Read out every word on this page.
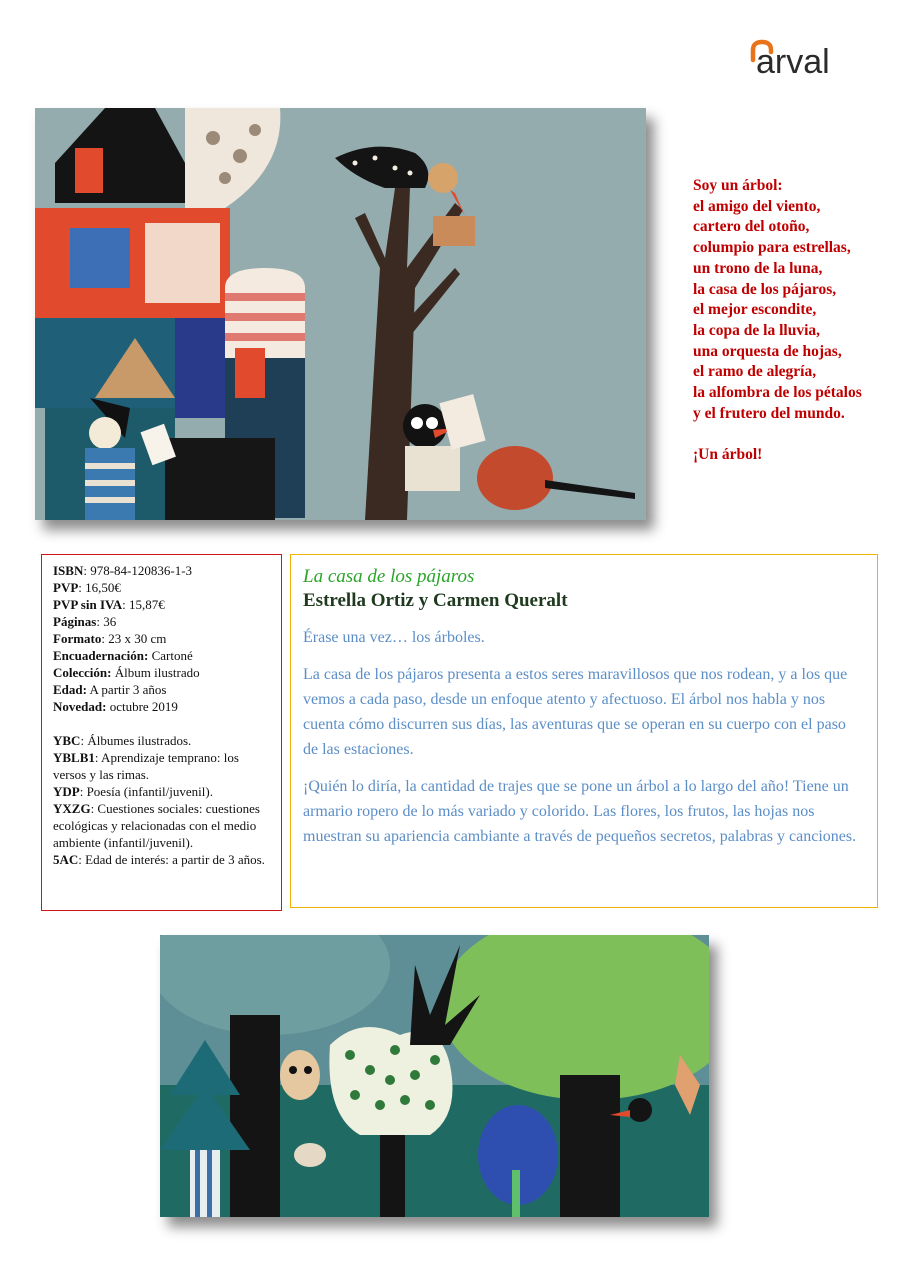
arval
Soy un árbol:
el amigo del viento,
cartero del otoño,
columpio para estrellas,
un trono de la luna,
la casa de los pájaros,
el mejor escondite,
la copa de la lluvia,
una orquesta de hojas,
el ramo de alegría,
la alfombra de los pétalos
y el frutero del mundo.
¡Un árbol!
ISBN: 978-84-120836-1-3
PVP: 16,50€
PVP sin IVA: 15,87€
Páginas: 36
Formato: 23 x 30 cm
Encuadernación: Cartoné
Colección: Álbum ilustrado
Edad: A partir 3 años
Novedad: octubre 2019
YBC: Álbumes ilustrados.
YBLB1: Aprendizaje temprano: los versos y las rimas.
YDP: Poesía (infantil/juvenil).
YXZG: Cuestiones sociales: cuestiones ecológicas y relacionadas con el medio ambiente (infantil/juvenil).
5AC: Edad de interés: a partir de 3 años.
La casa de los pájaros
Estrella Ortiz y Carmen Queralt

Érase una vez… los árboles.

La casa de los pájaros presenta a estos seres maravillosos que nos rodean, y a los que vemos a cada paso, desde un enfoque atento y afectuoso. El árbol nos habla y nos cuenta cómo discurren sus días, las aventuras que se operan en su cuerpo con el paso de las estaciones.

¡Quién lo diría, la cantidad de trajes que se pone un árbol a lo largo del año! Tiene un armario ropero de lo más variado y colorido. Las flores, los frutos, las hojas nos muestran su apariencia cambiante a través de pequeños secretos, palabras y canciones.
